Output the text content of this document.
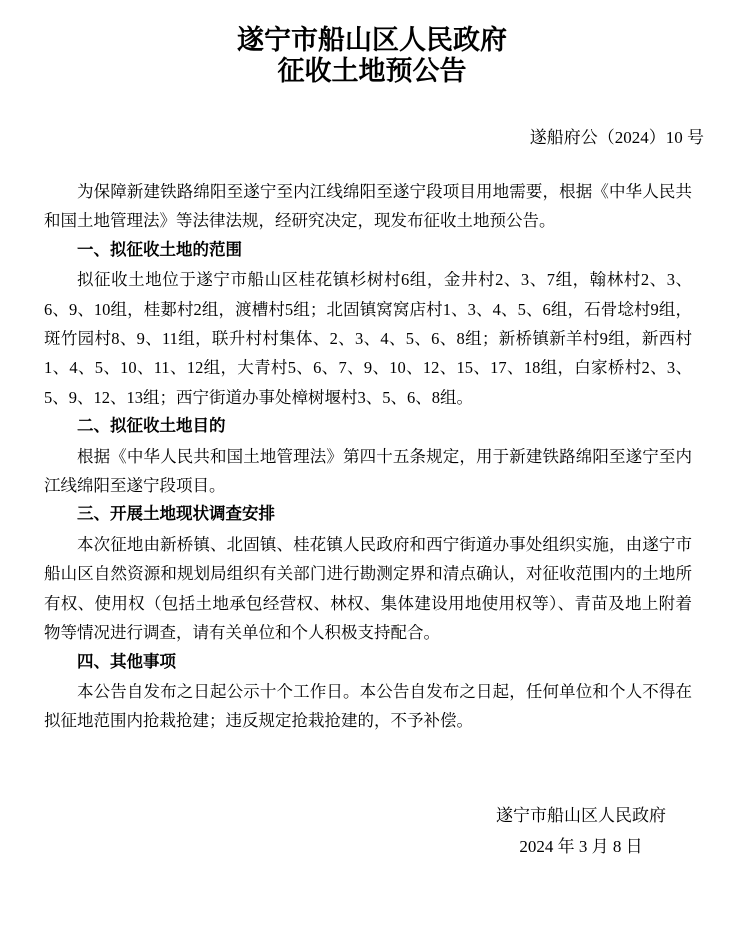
遂宁市船山区人民政府
征收土地预公告
遂船府公（2024）10 号

为保障新建铁路绵阳至遂宁至内江线绵阳至遂宁段项目用地需要，根据《中华人民共和国土地管理法》等法律法规，经研究决定，现发布征收土地预公告。

一、拟征收土地的范围

拟征收土地位于遂宁市船山区桂花镇杉树村6组，金井村2、3、7组，翰林村2、3、6、9、10组，桂郪村2组，渡槽村5组；北固镇窝窝店村1、3、4、5、6组，石骨埝村9组，斑竹园村8、9、11组，联升村村集体、2、3、4、5、6、8组；新桥镇新羊村9组，新西村1、4、5、10、11、12组，大青村5、6、7、9、10、12、15、17、18组，白家桥村2、3、5、9、12、13组；西宁街道办事处樟树堰村3、5、6、8组。

二、拟征收土地目的

根据《中华人民共和国土地管理法》第四十五条规定，用于新建铁路绵阳至遂宁至内江线绵阳至遂宁段项目。

三、开展土地现状调查安排

本次征地由新桥镇、北固镇、桂花镇人民政府和西宁街道办事处组织实施，由遂宁市船山区自然资源和规划局组织有关部门进行勘测定界和清点确认，对征收范围内的土地所有权、使用权（包括土地承包经营权、林权、集体建设用地使用权等）、青苗及地上附着物等情况进行调查，请有关单位和个人积极支持配合。

四、其他事项

本公告自发布之日起公示十个工作日。本公告自发布之日起，任何单位和个人不得在拟征地范围内抢栽抢建；违反规定抢栽抢建的，不予补偿。

遂宁市船山区人民政府
2024 年 3 月 8 日
